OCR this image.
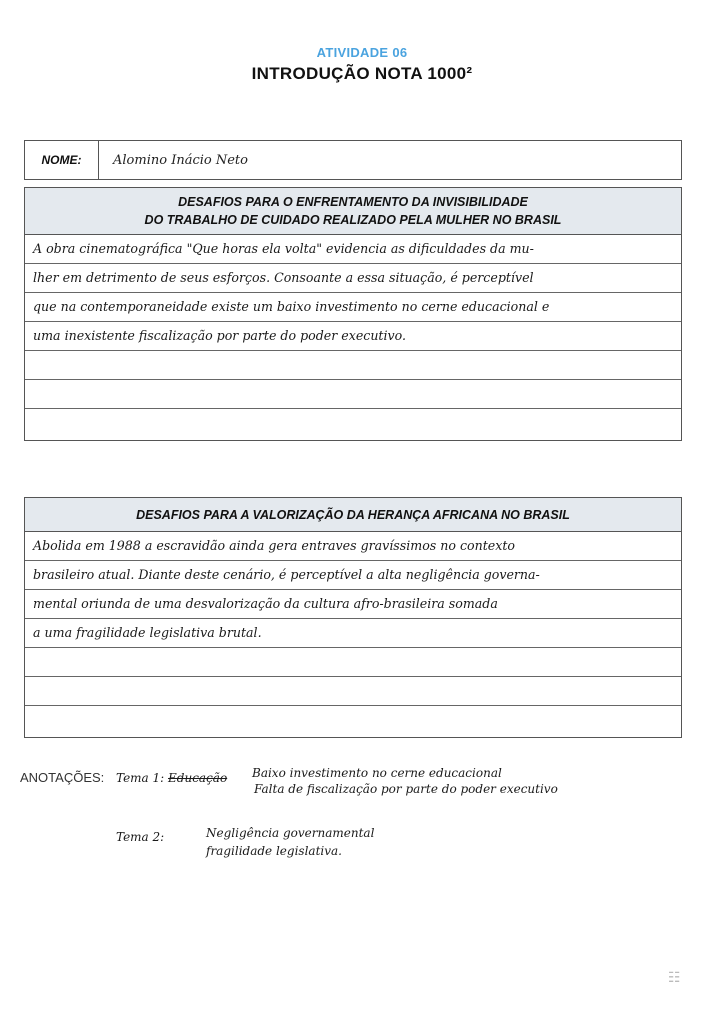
ATIVIDADE 06
INTRODUÇÃO NOTA 1000²
NOME:	Alomino Inácio Neto
DESAFIOS PARA O ENFRENTAMENTO DA INVISIBILIDADE
DO TRABALHO DE CUIDADO REALIZADO PELA MULHER NO BRASIL
A obra cinematográfica "Que horas ela volta" evidencia as dificuldades da mu-
lher em detrimento de seus esforços. Consoante a essa situação, é perceptível
que na contemporaneidade existe um baixo investimento no cerne educacional e
uma inexistente fiscalização por parte do poder executivo.
DESAFIOS PARA A VALORIZAÇÃO DA HERANÇA AFRICANA NO BRASIL
Abolida em 1988 a escravidão ainda gera entraves gravíssimos no contexto
brasileiro atual. Diante deste cenário, é perceptível a alta negligência governa-
mental oriunda de uma desvalorização da cultura afro-brasileira somada
a uma fragilidade legislativa brutal.
ANOTAÇÕES: Tema 1: Educação Baixo investimento no cerne educacional
Falta de fiscalização por parte do poder executivo
Tema 2:	Negligência governamental
fragilidade legislativa.
☷
